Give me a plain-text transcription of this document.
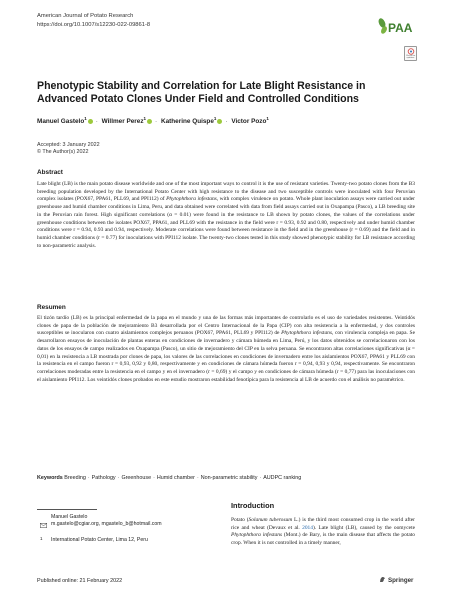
American Journal of Potato Research
https://doi.org/10.1007/s12230-022-09861-8	PAA
Check for updates
Phenotypic Stability and Correlation for Late Blight Resistance in Advanced Potato Clones Under Field and Controlled Conditions
Manuel Gastelo$^1$ · Willmer Perez$^1$ · Katherine Quispe$^1$ · Victor Pozo$^1$
Accepted: 3 January 2022
© The Author(s) 2022
Abstract
Late blight (LB) is the main potato disease worldwide and one of the most important ways to control it is the use of resistant varieties. Twenty-two potato clones from the B3 breeding population developed by the International Potato Center with high resistance to the disease and two susceptible controls were inoculated with four Peruvian complex isolates (POX67, PPA61, PLL69, and PPI112) of Phytophthora infestans, with complex virulence on potato. Whole plant inoculation assays were carried out under greenhouse and humid chamber conditions in Lima, Peru, and data obtained were correlated with data from field assays carried out in Oxapampa (Pasco), a LB breeding site in the Peruvian rain forest. High significant correlations (α = 0.01) were found in the resistance to LB shown by potato clones, the values of the correlations under greenhouse conditions between the isolates POX67, PPA61, and PLL69 with the resistance in the field were r = 0.93, 0.92 and 0.80, respectively and under humid chamber conditions were r = 0.94, 0.93 and 0.94, respectively. Moderate correlations were found between resistance in the field and in the greenhouse (r = 0.69) and the field and in humid chamber conditions (r = 0.77) for inoculations with PPI112 isolate. The twenty-two clones tested in this study showed phenotypic stability for LB resistance according to non-parametric analysis.
Resumen
El tizón tardío (LB) es la principal enfermedad de la papa en el mundo y una de las formas más importantes de controlarlo es el uso de variedades resistentes. Veintidós clones de papa de la población de mejoramiento B3 desarrollada por el Centro Internacional de la Papa (CIP) con alta resistencia a la enfermedad, y dos controles susceptibles se inocularon con cuatro aislamientos complejos peruanos (POX67, PPA61, PLL69 y PPI112) de Phytophthora infestans, con virulencia compleja en papa. Se desarrollaron ensayos de inoculación de plantas enteras en condiciones de invernadero y cámara húmeda en Lima, Perú, y los datos obtenidos se correlacionaron con los datos de los ensayos de campo realizados en Oxapampa (Pasco), un sitio de mejoramiento del CIP en la selva peruana. Se encontraron altas correlaciones significativas (α = 0,01) en la resistencia a LB mostrada por clones de papa, los valores de las correlaciones en condiciones de invernadero entre los aislamientos POX67, PPA61 y PLL69 con la resistencia en el campo fueron r = 0,93, 0,92 y 0,80, respectivamente y en condiciones de cámara húmeda fueron r = 0,94, 0,93 y 0,94, respectivamente. Se encontraron correlaciones moderadas entre la resistencia en el campo y en el invernadero (r = 0,69) y el campo y en condiciones de cámara húmeda (r = 0,77) para las inoculaciones con el aislamiento PPI112. Los veintidós clones probados en este estudio mostraron estabilidad fenotípica para la resistencia al LB de acuerdo con el análisis no paramétrico.
Keywords Breeding · Pathology · Greenhouse · Humid chamber · Non-parametric stability · AUDPC ranking
Introduction
Potato (Solanum tuberosum L.) is the third most consumed crop in the world after rice and wheat (Devaux et al. 2014). Late blight (LB), caused by the oomycete Phytophthora infestans (Mont.) de Bary, is the main disease that affects the potato crop. When it is not controlled in a timely manner,
Manuel Gastelo
m.gastelo@cgiar.org, mgastelo_b@hotmail.com
1 International Potato Center, Lima 12, Peru
Published online: 21 February 2022	Springer
